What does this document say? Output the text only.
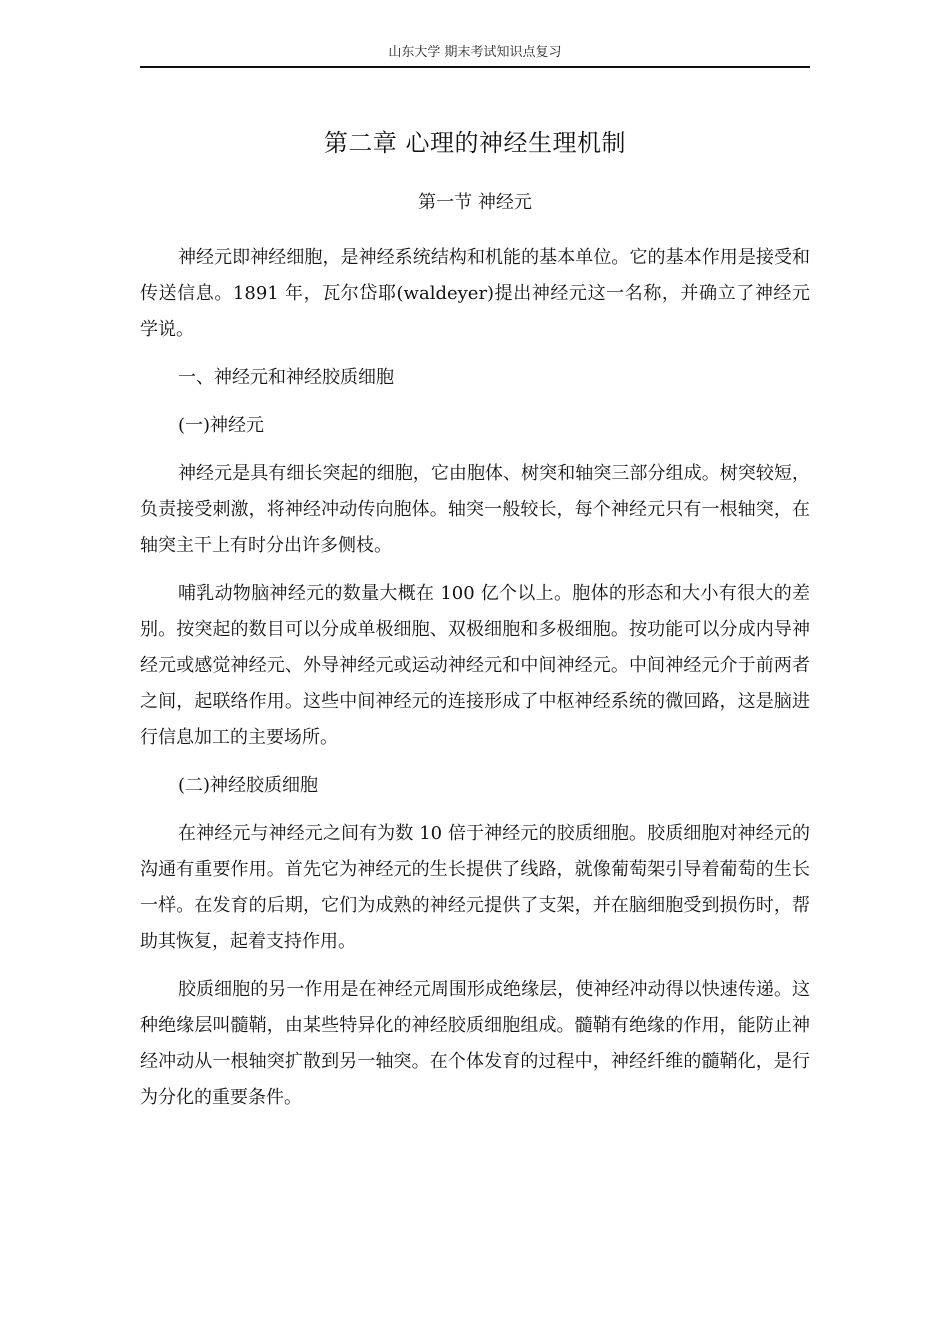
山东大学 期末考试知识点复习
第二章 心理的神经生理机制
第一节 神经元

神经元即神经细胞，是神经系统结构和机能的基本单位。它的基本作用是接受和传送信息。1891 年，瓦尔岱耶(waldeyer)提出神经元这一名称，并确立了神经元学说。

一、神经元和神经胶质细胞

(一)神经元

神经元是具有细长突起的细胞，它由胞体、树突和轴突三部分组成。树突较短，负责接受刺激，将神经冲动传向胞体。轴突一般较长，每个神经元只有一根轴突，在轴突主干上有时分出许多侧枝。

哺乳动物脑神经元的数量大概在 100 亿个以上。胞体的形态和大小有很大的差别。按突起的数目可以分成单极细胞、双极细胞和多极细胞。按功能可以分成内导神经元或感觉神经元、外导神经元或运动神经元和中间神经元。中间神经元介于前两者之间，起联络作用。这些中间神经元的连接形成了中枢神经系统的微回路，这是脑进行信息加工的主要场所。

(二)神经胶质细胞

在神经元与神经元之间有为数 10 倍于神经元的胶质细胞。胶质细胞对神经元的沟通有重要作用。首先它为神经元的生长提供了线路，就像葡萄架引导着葡萄的生长一样。在发育的后期，它们为成熟的神经元提供了支架，并在脑细胞受到损伤时，帮助其恢复，起着支持作用。

胶质细胞的另一作用是在神经元周围形成绝缘层，使神经冲动得以快速传递。这种绝缘层叫髓鞘，由某些特异化的神经胶质细胞组成。髓鞘有绝缘的作用，能防止神经冲动从一根轴突扩散到另一轴突。在个体发育的过程中，神经纤维的髓鞘化，是行为分化的重要条件。
